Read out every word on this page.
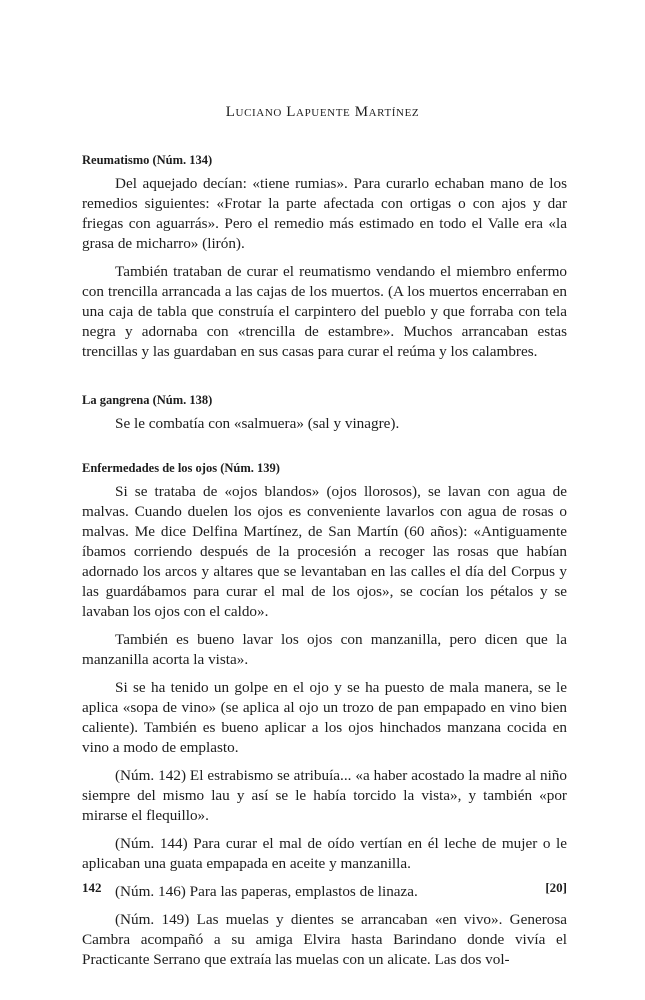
Luciano Lapuente Martínez
Reumatismo (Núm. 134)

Del aquejado decían: «tiene rumias». Para curarlo echaban mano de los remedios siguientes: «Frotar la parte afectada con ortigas o con ajos y dar friegas con aguarrás». Pero el remedio más estimado en todo el Valle era «la grasa de micharro» (lirón).

También trataban de curar el reumatismo vendando el miembro enfermo con trencilla arrancada a las cajas de los muertos. (A los muertos encerraban en una caja de tabla que construía el carpintero del pueblo y que forraba con tela negra y adornaba con «trencilla de estambre». Muchos arrancaban estas trencillas y las guardaban en sus casas para curar el reúma y los calambres.

La gangrena (Núm. 138)

Se le combatía con «salmuera» (sal y vinagre).

Enfermedades de los ojos (Núm. 139)

Si se trataba de «ojos blandos» (ojos llorosos), se lavan con agua de malvas. Cuando duelen los ojos es conveniente lavarlos con agua de rosas o malvas. Me dice Delfina Martínez, de San Martín (60 años): «Antiguamente íbamos corriendo después de la procesión a recoger las rosas que habían adornado los arcos y altares que se levantaban en las calles el día del Corpus y las guardábamos para curar el mal de los ojos», se cocían los pétalos y se lavaban los ojos con el caldo».

También es bueno lavar los ojos con manzanilla, pero dicen que la manzanilla acorta la vista».

Si se ha tenido un golpe en el ojo y se ha puesto de mala manera, se le aplica «sopa de vino» (se aplica al ojo un trozo de pan empapado en vino bien caliente). También es bueno aplicar a los ojos hinchados manzana cocida en vino a modo de emplasto.

(Núm. 142) El estrabismo se atribuía... «a haber acostado la madre al niño siempre del mismo lau y así se le había torcido la vista», y también «por mirarse el flequillo».

(Núm. 144) Para curar el mal de oído vertían en él leche de mujer o le aplicaban una guata empapada en aceite y manzanilla.

(Núm. 146) Para las paperas, emplastos de linaza.

(Núm. 149) Las muelas y dientes se arrancaban «en vivo». Generosa Cambra acompañó a su amiga Elvira hasta Barindano donde vivía el Practicante Serrano que extraía las muelas con un alicate. Las dos vol-

142	[20]
